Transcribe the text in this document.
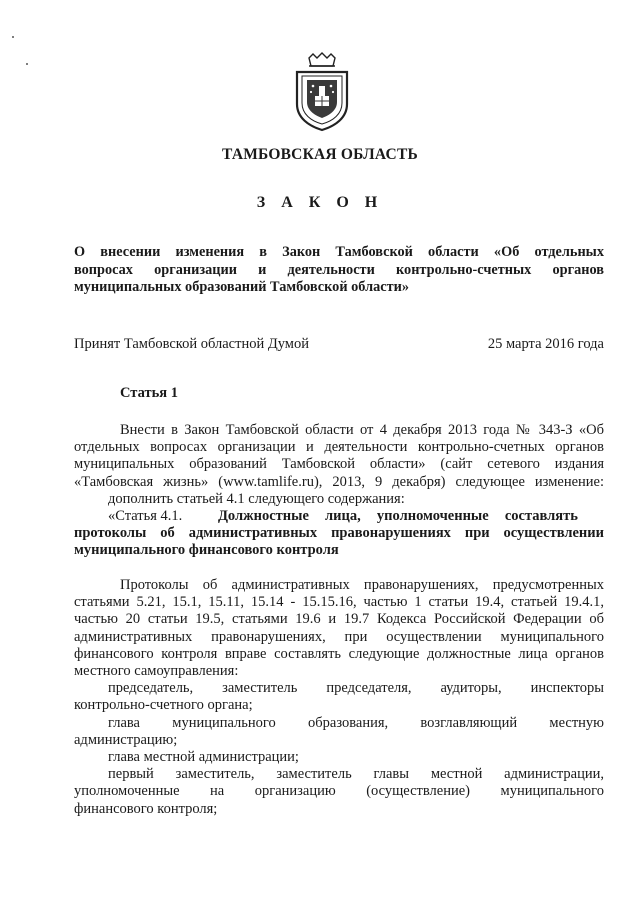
ТАМБОВСКАЯ ОБЛАСТЬ
З А К О Н
О внесении изменения в Закон Тамбовской области «Об отдельных
вопросах организации и деятельности контрольно-счетных органов
муниципальных образований Тамбовской области»
Принят Тамбовской областной Думой	25 марта 2016 года
Статья 1
Внести в Закон Тамбовской области от 4 декабря 2013 года № 343-З «Об
отдельных вопросах организации и деятельности контрольно-счетных органов
муниципальных образований Тамбовской области» (сайт сетевого издания
«Тамбовская жизнь» (www.tamlife.ru), 2013, 9 декабря) следующее изменение:
дополнить статьей 4.1 следующего содержания:
«Статья 4.1. Должностные лица, уполномоченные составлять
протоколы об административных правонарушениях при осуществлении
муниципального финансового контроля
Протоколы об административных правонарушениях, предусмотренных
статьями 5.21, 15.1, 15.11, 15.14 - 15.15.16, частью 1 статьи 19.4, статьей 19.4.1,
частью 20 статьи 19.5, статьями 19.6 и 19.7 Кодекса Российской Федерации об
административных правонарушениях, при осуществлении муниципального
финансового контроля вправе составлять следующие должностные лица органов
местного самоуправления:
председатель, заместитель председателя, аудиторы, инспекторы
контрольно-счетного органа;
глава муниципального образования, возглавляющий местную
администрацию;
глава местной администрации;
первый заместитель, заместитель главы местной администрации,
уполномоченные на организацию (осуществление) муниципального
финансового контроля;
